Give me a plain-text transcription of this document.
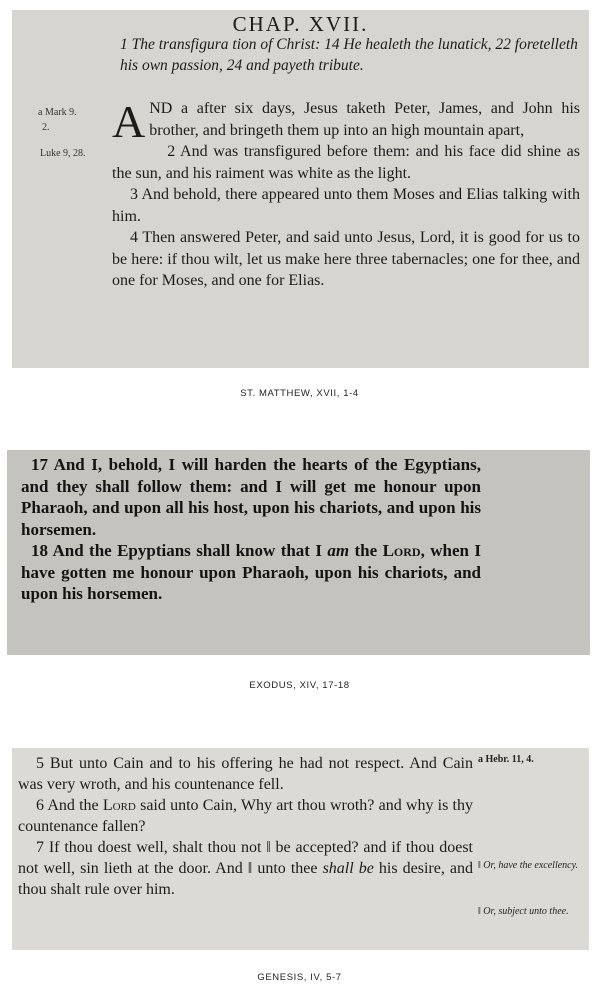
CHAP. XVII.
1 The transfigura tion of Christ: 14 He healeth the lunatick, 22 foretelleth his own passion, 24 and payeth tribute.
a Mark 9.
2.
Luke 9, 28.

AND a after six days, Jesus taketh Peter, James, and John his brother, and bringeth them up into an high mountain apart,

2 And was transfigured before them: and his face did shine as the sun, and his raiment was white as the light.

3 And behold, there appeared unto them Moses and Elias talking with him.

4 Then answered Peter, and said unto Jesus, Lord, it is good for us to be here: if thou wilt, let us make here three tabernacles; one for thee, and one for Moses, and one for Elias.

ST. MATTHEW, XVII, 1-4

17 And I, behold, I will harden the hearts of the Egyptians, and they shall follow them: and I will get me honour upon Pharaoh, and upon all his host, upon his chariots, and upon his horsemen.

18 And the Epyptians shall know that I am the Lord, when I have gotten me honour upon Pharaoh, upon his chariots, and upon his horsemen.

EXODUS, XIV, 17-18

5 But unto Cain and to his offering he had not respect. And Cain was very wroth, and his countenance fell.

6 And the Lord said unto Cain, Why art thou wroth? and why is thy countenance fallen?

7 If thou doest well, shalt thou not ‖ be accepted? and if thou doest not well, sin lieth at the door. And ‖ unto thee shall be his desire, and thou shalt rule over him.

a Hebr. 11, 4.
‖ Or, have the excellency.
‖ Or, subject unto thee.
GENESIS, IV, 5-7
